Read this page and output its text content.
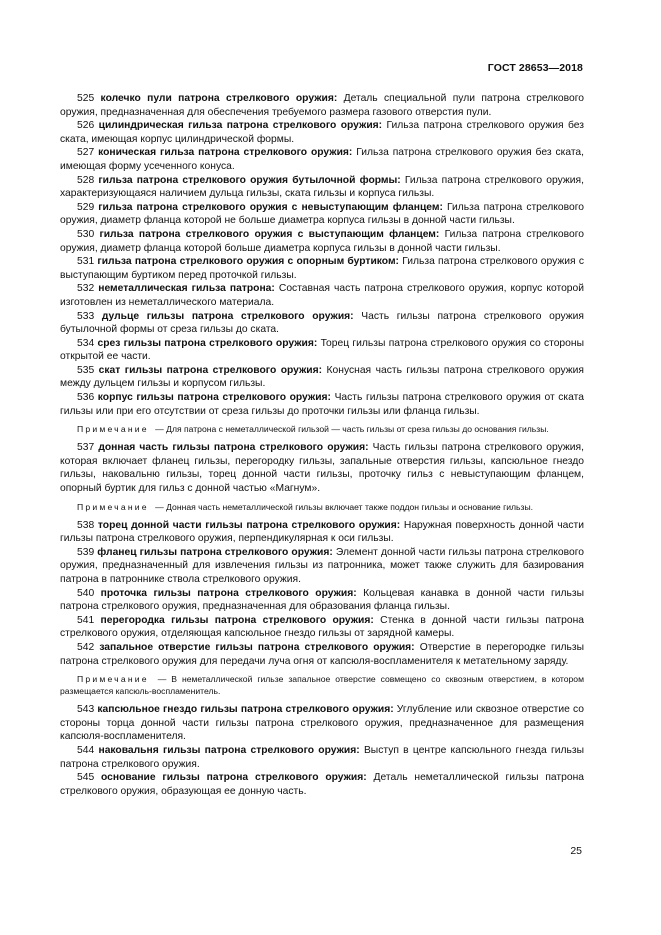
ГОСТ 28653—2018

525 колечко пули патрона стрелкового оружия: Деталь специальной пули патрона стрелкового оружия, предназначенная для обеспечения требуемого размера газового отверстия пули.

526 цилиндрическая гильза патрона стрелкового оружия: Гильза патрона стрелкового оружия без ската, имеющая корпус цилиндрической формы.

527 коническая гильза патрона стрелкового оружия: Гильза патрона стрелкового оружия без ската, имеющая форму усеченного конуса.

528 гильза патрона стрелкового оружия бутылочной формы: Гильза патрона стрелкового оружия, характеризующаяся наличием дульца гильзы, ската гильзы и корпуса гильзы.

529 гильза патрона стрелкового оружия с невыступающим фланцем: Гильза патрона стрелкового оружия, диаметр фланца которой не больше диаметра корпуса гильзы в донной части гильзы.

530 гильза патрона стрелкового оружия с выступающим фланцем: Гильза патрона стрелкового оружия, диаметр фланца которой больше диаметра корпуса гильзы в донной части гильзы.

531 гильза патрона стрелкового оружия с опорным буртиком: Гильза патрона стрелкового оружия с выступающим буртиком перед проточкой гильзы.

532 неметаллическая гильза патрона: Составная часть патрона стрелкового оружия, корпус которой изготовлен из неметаллического материала.

533 дульце гильзы патрона стрелкового оружия: Часть гильзы патрона стрелкового оружия бутылочной формы от среза гильзы до ската.

534 срез гильзы патрона стрелкового оружия: Торец гильзы патрона стрелкового оружия со стороны открытой ее части.

535 скат гильзы патрона стрелкового оружия: Конусная часть гильзы патрона стрелкового оружия между дульцем гильзы и корпусом гильзы.

536 корпус гильзы патрона стрелкового оружия: Часть гильзы патрона стрелкового оружия от ската гильзы или при его отсутствии от среза гильзы до проточки гильзы или фланца гильзы.

Примечание — Для патрона с неметаллической гильзой — часть гильзы от среза гильзы до основания гильзы.

537 донная часть гильзы патрона стрелкового оружия: Часть гильзы патрона стрелкового оружия, которая включает фланец гильзы, перегородку гильзы, запальные отверстия гильзы, капсюльное гнездо гильзы, наковальню гильзы, торец донной части гильзы, проточку гильз с невыступающим фланцем, опорный буртик для гильз с донной частью «Магнум».

Примечание — Донная часть неметаллической гильзы включает также поддон гильзы и основание гильзы.

538 торец донной части гильзы патрона стрелкового оружия: Наружная поверхность донной части гильзы патрона стрелкового оружия, перпендикулярная к оси гильзы.

539 фланец гильзы патрона стрелкового оружия: Элемент донной части гильзы патрона стрелкового оружия, предназначенный для извлечения гильзы из патронника, может также служить для базирования патрона в патроннике ствола стрелкового оружия.

540 проточка гильзы патрона стрелкового оружия: Кольцевая канавка в донной части гильзы патрона стрелкового оружия, предназначенная для образования фланца гильзы.

541 перегородка гильзы патрона стрелкового оружия: Стенка в донной части гильзы патрона стрелкового оружия, отделяющая капсюльное гнездо гильзы от зарядной камеры.

542 запальное отверстие гильзы патрона стрелкового оружия: Отверстие в перегородке гильзы патрона стрелкового оружия для передачи луча огня от капсюля-воспламенителя к метательному заряду.

Примечание — В неметаллической гильзе запальное отверстие совмещено со сквозным отверстием, в котором размещается капсюль-воспламенитель.

543 капсюльное гнездо гильзы патрона стрелкового оружия: Углубление или сквозное отверстие со стороны торца донной части гильзы патрона стрелкового оружия, предназначенное для размещения капсюля-воспламенителя.

544 наковальня гильзы патрона стрелкового оружия: Выступ в центре капсюльного гнезда гильзы патрона стрелкового оружия.

545 основание гильзы патрона стрелкового оружия: Деталь неметаллической гильзы патрона стрелкового оружия, образующая ее донную часть.

25
